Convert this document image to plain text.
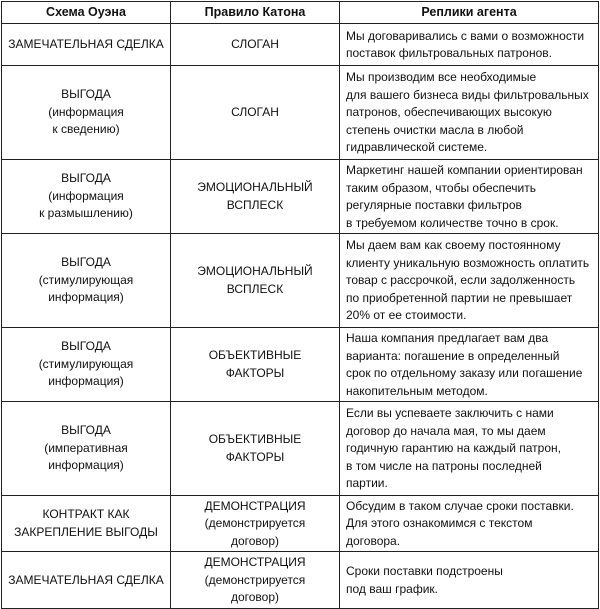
Схема Оуэна	Правило Катона	Реплики агента

ЗАМЕЧАТЕЛЬНАЯ СДЕЛКА	СЛОГАН	Мы договаривались с вами о возможности
поставок фильтровальных патронов.

ВЫГОДА
(информация
к сведению)	СЛОГАН	Мы производим все необходимые
для вашего бизнеса виды фильтровальных
патронов, обеспечивающих высокую
степень очистки масла в любой
гидравлической системе.

ВЫГОДА
(информация
к размышлению)	ЭМОЦИОНАЛЬНЫЙ
ВСПЛЕСК	Маркетинг нашей компании ориентирован
таким образом, чтобы обеспечить
регулярные поставки фильтров
в требуемом количестве точно в срок.

ВЫГОДА
(стимулирующая
информация)	ЭМОЦИОНАЛЬНЫЙ
ВСПЛЕСК	Мы даем вам как своему постоянному
клиенту уникальную возможность оплатить
товар с рассрочкой, если задолженность
по приобретенной партии не превышает
20% от ее стоимости.

ВЫГОДА
(стимулирующая
информация)	ОБЪЕКТИВНЫЕ
ФАКТОРЫ	Наша компания предлагает вам два
варианта: погашение в определенный
срок по отдельному заказу или погашение
накопительным методом.

ВЫГОДА
(императивная
информация)	ОБЪЕКТИВНЫЕ
ФАКТОРЫ	Если вы успеваете заключить с нами
договор до начала мая, то мы даем
годичную гарантию на каждый патрон,
в том числе на патроны последней
партии.

КОНТРАКТ КАК
ЗАКРЕПЛЕНИЕ ВЫГОДЫ	ДЕМОНСТРАЦИЯ
(демонстрируется
договор)	Обсудим в таком случае сроки поставки.
Для этого ознакомимся с текстом
договора.

ЗАМЕЧАТЕЛЬНАЯ СДЕЛКА	ДЕМОНСТРАЦИЯ
(демонстрируется
договор)	Сроки поставки подстроены
под ваш график.
